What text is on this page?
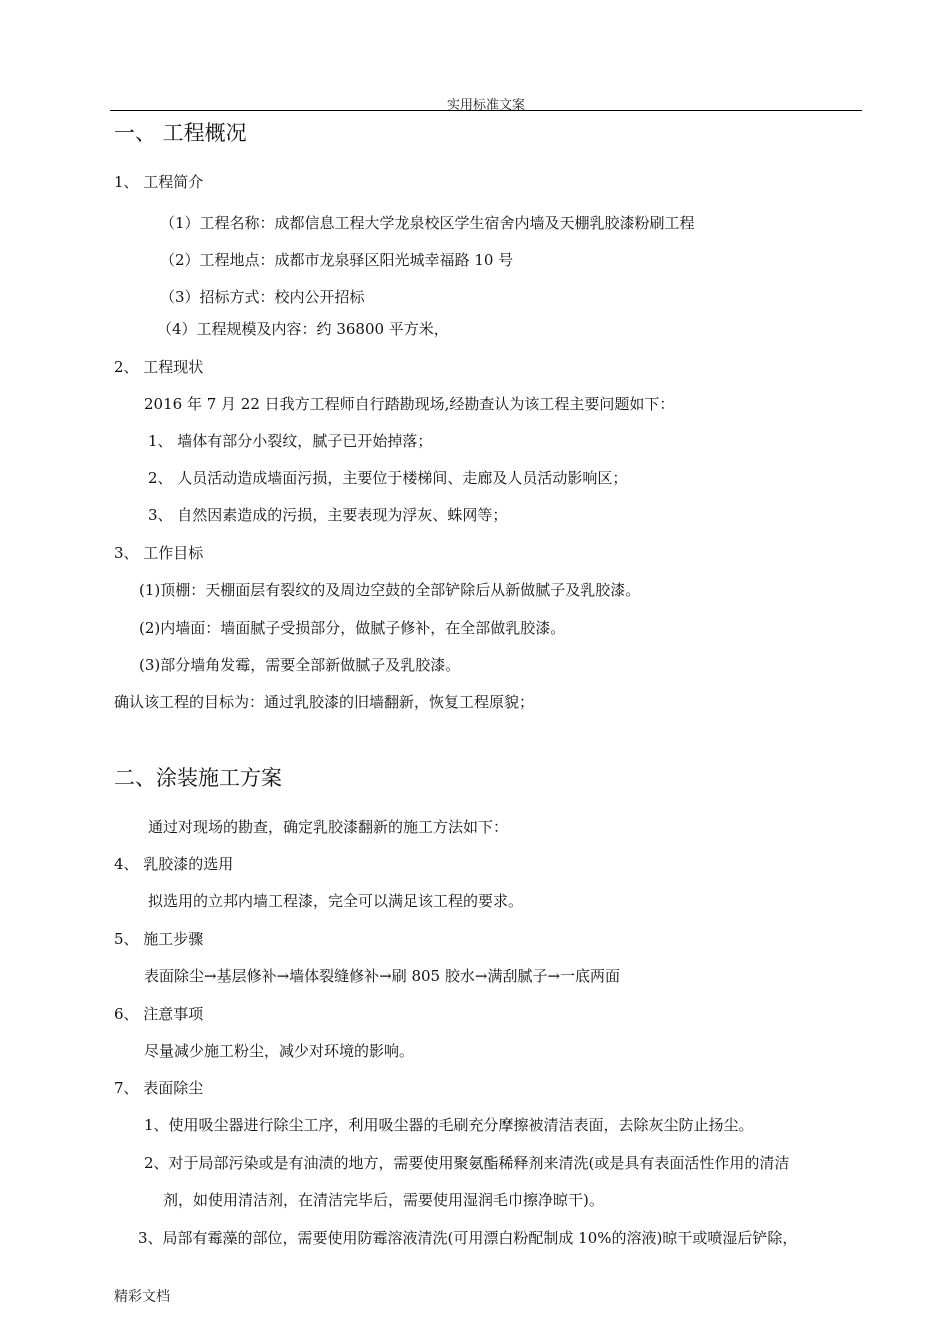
实用标准文案
一、 工程概况
1、 工程简介
（1）工程名称：成都信息工程大学龙泉校区学生宿舍内墙及天棚乳胶漆粉刷工程
（2）工程地点：成都市龙泉驿区阳光城幸福路 10 号
（3）招标方式：校内公开招标
（4）工程规模及内容：约 36800 平方米，
2、 工程现状
2016 年 7 月 22 日我方工程师自行踏勘现场,经勘查认为该工程主要问题如下：
1、 墙体有部分小裂纹，腻子已开始掉落；
2、 人员活动造成墙面污损，主要位于楼梯间、走廊及人员活动影响区；
3、 自然因素造成的污损，主要表现为浮灰、蛛网等；
3、 工作目标
(1)顶棚：天棚面层有裂纹的及周边空鼓的全部铲除后从新做腻子及乳胶漆。
(2)内墙面：墙面腻子受损部分，做腻子修补，在全部做乳胶漆。
(3)部分墙角发霉，需要全部新做腻子及乳胶漆。
确认该工程的目标为：通过乳胶漆的旧墙翻新，恢复工程原貌；
二、涂装施工方案
通过对现场的勘查，确定乳胶漆翻新的施工方法如下：
4、 乳胶漆的选用
拟选用的立邦内墙工程漆，完全可以满足该工程的要求。
5、 施工步骤
表面除尘→基层修补→墙体裂缝修补→刷 805 胶水→满刮腻子→一底两面
6、 注意事项
尽量减少施工粉尘，减少对环境的影响。
7、 表面除尘
1、使用吸尘器进行除尘工序，利用吸尘器的毛刷充分摩擦被清洁表面，去除灰尘防止扬尘。
2、对于局部污染或是有油渍的地方，需要使用聚氨酯稀释剂来清洗(或是具有表面活性作用的清洁
剂，如使用清洁剂，在清洁完毕后，需要使用湿润毛巾擦净晾干)。
3、局部有霉藻的部位，需要使用防霉溶液清洗(可用漂白粉配制成 10%的溶液)晾干或喷湿后铲除，
精彩文档
